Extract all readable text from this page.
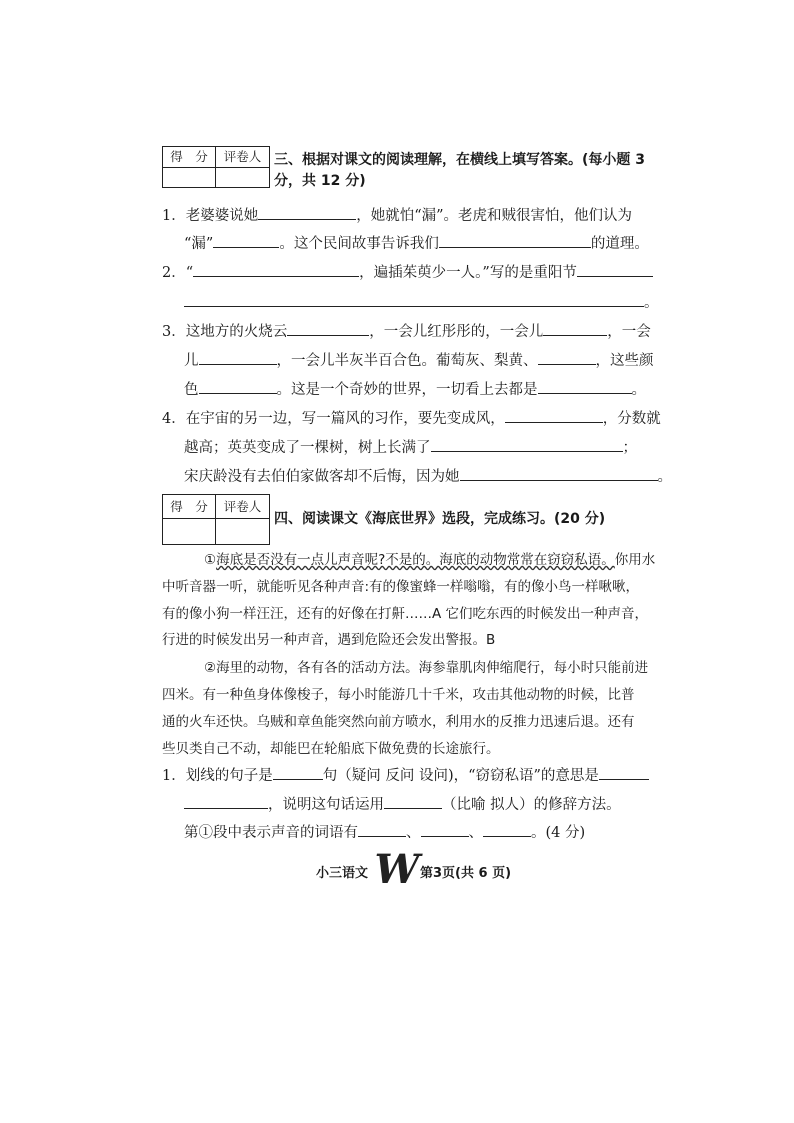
得　分	评卷人
	三、根据对课文的阅读理解，在横线上填写答案。(每小题 3
分，共 12 分)
1．老婆婆说她	，她就怕“漏”。老虎和贼很害怕，他们认为
“漏”	。这个民间故事告诉我们	的道理。
2．“	，遍插茱萸少一人。”写的是重阳节
。
3．这地方的火烧云	，一会儿红彤彤的，一会儿	，一会
儿	，一会儿半灰半百合色。葡萄灰、梨黄、	，这些颜
色	。这是一个奇妙的世界，一切看上去都是	。
4．在宇宙的另一边，写一篇风的习作，要先变成风，	，分数就
越高；英英变成了一棵树，树上长满了	；
宋庆龄没有去伯伯家做客却不后悔，因为她	。
得　分	评卷人

四、阅读课文《海底世界》选段，完成练习。(20 分)
①海底是否没有一点儿声音呢?不是的。海底的动物常常在窃窃私语。你用水
中听音器一听，就能听见各种声音:有的像蜜蜂一样嗡嗡，有的像小鸟一样啾啾，
有的像小狗一样汪汪，还有的好像在打鼾……A 它们吃东西的时候发出一种声音，
行进的时候发出另一种声音，遇到危险还会发出警报。B
②海里的动物，各有各的活动方法。海参靠肌肉伸缩爬行，每小时只能前进
四米。有一种鱼身体像梭子，每小时能游几十千米，攻击其他动物的时候，比普
通的火车还快。乌贼和章鱼能突然向前方喷水，利用水的反推力迅速后退。还有
些贝类自己不动，却能巴在轮船底下做免费的长途旅行。
1．划线的句子是	句（疑问 反问 设问)，“窃窃私语”的意思是
，说明这句话运用	（比喻 拟人）的修辞方法。
第①段中表示声音的词语有	、	、	。(4 分)
小三语文 W 第3页(共 6 页)
